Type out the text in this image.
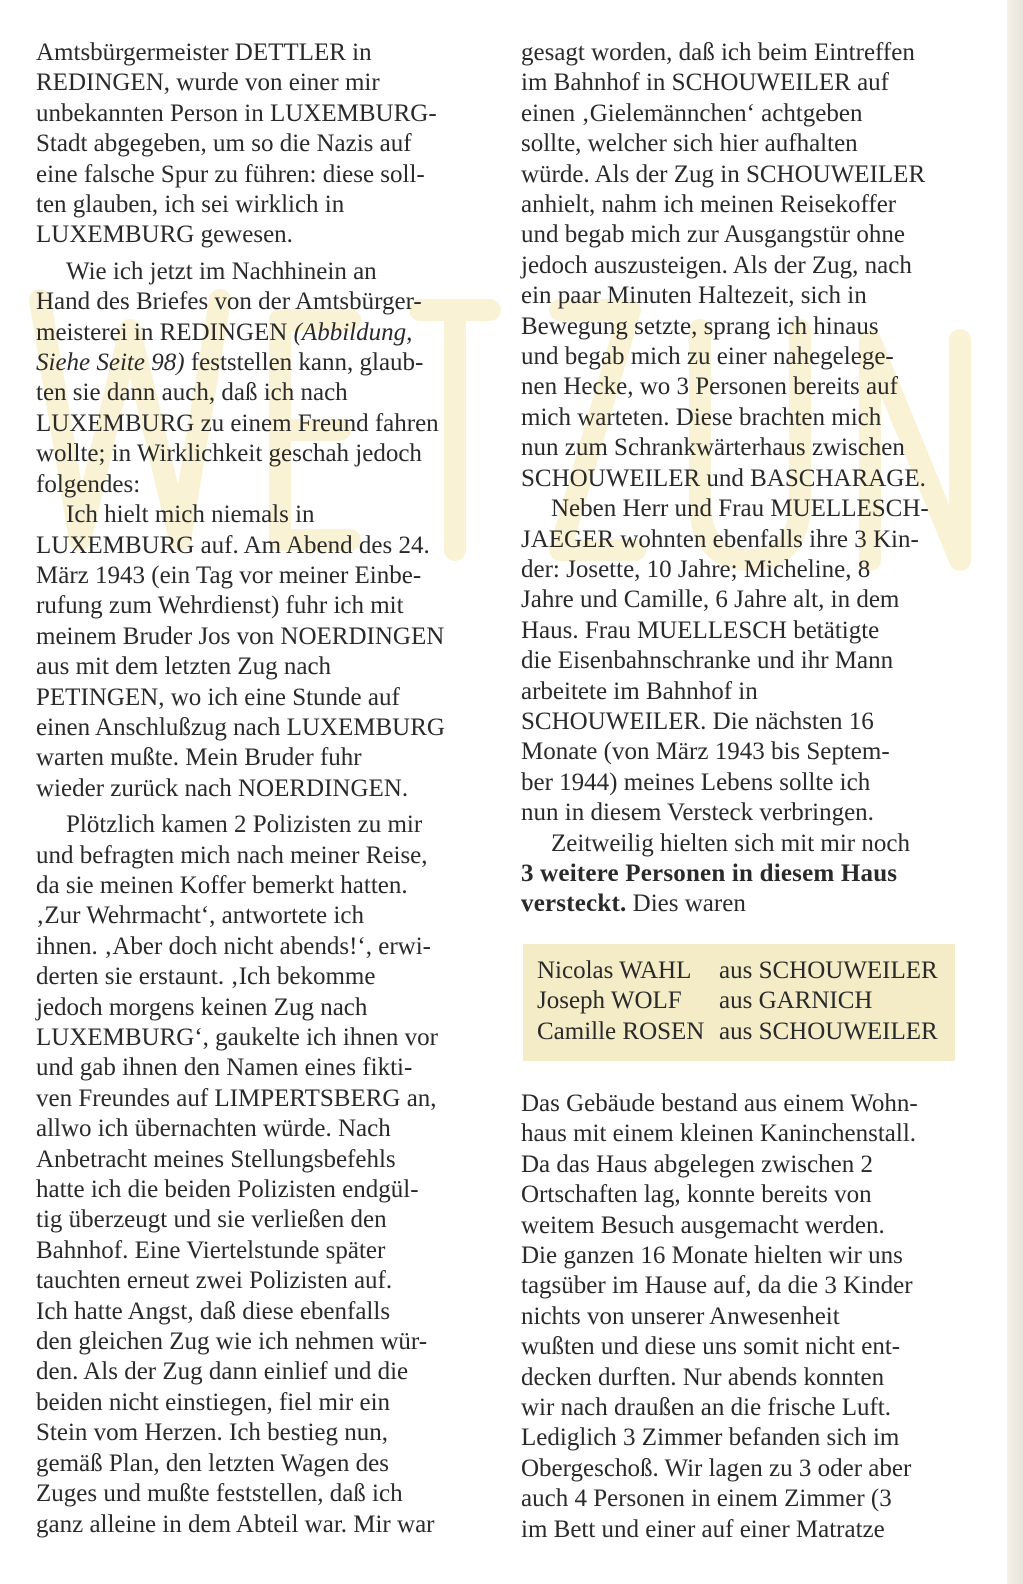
Amtsbürgermeister DETTLER in
REDINGEN, wurde von einer mir
unbekannten Person in LUXEMBURG-
Stadt abgegeben, um so die Nazis auf
eine falsche Spur zu führen: diese soll-
ten glauben, ich sei wirklich in
LUXEMBURG gewesen.
Wie ich jetzt im Nachhinein an
Hand des Briefes von der Amtsbürger-
meisterei in REDINGEN (Abbildung,
Siehe Seite 98) feststellen kann, glaub-
ten sie dann auch, daß ich nach
LUXEMBURG zu einem Freund fahren
wollte; in Wirklichkeit geschah jedoch
folgendes:
Ich hielt mich niemals in
LUXEMBURG auf. Am Abend des 24.
März 1943 (ein Tag vor meiner Einbe-
rufung zum Wehrdienst) fuhr ich mit
meinem Bruder Jos von NOERDINGEN
aus mit dem letzten Zug nach
PETINGEN, wo ich eine Stunde auf
einen Anschlußzug nach LUXEMBURG
warten mußte. Mein Bruder fuhr
wieder zurück nach NOERDINGEN.
Plötzlich kamen 2 Polizisten zu mir
und befragten mich nach meiner Reise,
da sie meinen Koffer bemerkt hatten.
‚Zur Wehrmacht‘, antwortete ich
ihnen. ‚Aber doch nicht abends!‘, erwi-
derten sie erstaunt. ‚Ich bekomme
jedoch morgens keinen Zug nach
LUXEMBURG‘, gaukelte ich ihnen vor
und gab ihnen den Namen eines fikti-
ven Freundes auf LIMPERTSBERG an,
allwo ich übernachten würde. Nach
Anbetracht meines Stellungsbefehls
hatte ich die beiden Polizisten endgül-
tig überzeugt und sie verließen den
Bahnhof. Eine Viertelstunde später
tauchten erneut zwei Polizisten auf.
Ich hatte Angst, daß diese ebenfalls
den gleichen Zug wie ich nehmen wür-
den. Als der Zug dann einlief und die
beiden nicht einstiegen, fiel mir ein
Stein vom Herzen. Ich bestieg nun,
gemäß Plan, den letzten Wagen des
Zuges und mußte feststellen, daß ich
ganz alleine in dem Abteil war. Mir war
gesagt worden, daß ich beim Eintreffen
im Bahnhof in SCHOUWEILER auf
einen ‚Gielemännchen‘ achtgeben
sollte, welcher sich hier aufhalten
würde. Als der Zug in SCHOUWEILER
anhielt, nahm ich meinen Reisekoffer
und begab mich zur Ausgangstür ohne
jedoch auszusteigen. Als der Zug, nach
ein paar Minuten Haltezeit, sich in
Bewegung setzte, sprang ich hinaus
und begab mich zu einer nahegelege-
nen Hecke, wo 3 Personen bereits auf
mich warteten. Diese brachten mich
nun zum Schrankwärterhaus zwischen
SCHOUWEILER und BASCHARAGE.
Neben Herr und Frau MUELLESCH-
JAEGER wohnten ebenfalls ihre 3 Kin-
der: Josette, 10 Jahre; Micheline, 8
Jahre und Camille, 6 Jahre alt, in dem
Haus. Frau MUELLESCH betätigte
die Eisenbahnschranke und ihr Mann
arbeitete im Bahnhof in
SCHOUWEILER. Die nächsten 16
Monate (von März 1943 bis Septem-
ber 1944) meines Lebens sollte ich
nun in diesem Versteck verbringen.
Zeitweilig hielten sich mit mir noch
3 weitere Personen in diesem Haus
versteckt. Dies waren
Nicolas WAHL	aus SCHOUWEILER
Joseph WOLF	aus GARNICH
Camille ROSEN aus SCHOUWEILER
Das Gebäude bestand aus einem Wohn-
haus mit einem kleinen Kaninchenstall.
Da das Haus abgelegen zwischen 2
Ortschaften lag, konnte bereits von
weitem Besuch ausgemacht werden.
Die ganzen 16 Monate hielten wir uns
tagsüber im Hause auf, da die 3 Kinder
nichts von unserer Anwesenheit
wußten und diese uns somit nicht ent-
decken durften. Nur abends konnten
wir nach draußen an die frische Luft.
Lediglich 3 Zimmer befanden sich im
Obergeschoß. Wir lagen zu 3 oder aber
auch 4 Personen in einem Zimmer (3
im Bett und einer auf einer Matratze
